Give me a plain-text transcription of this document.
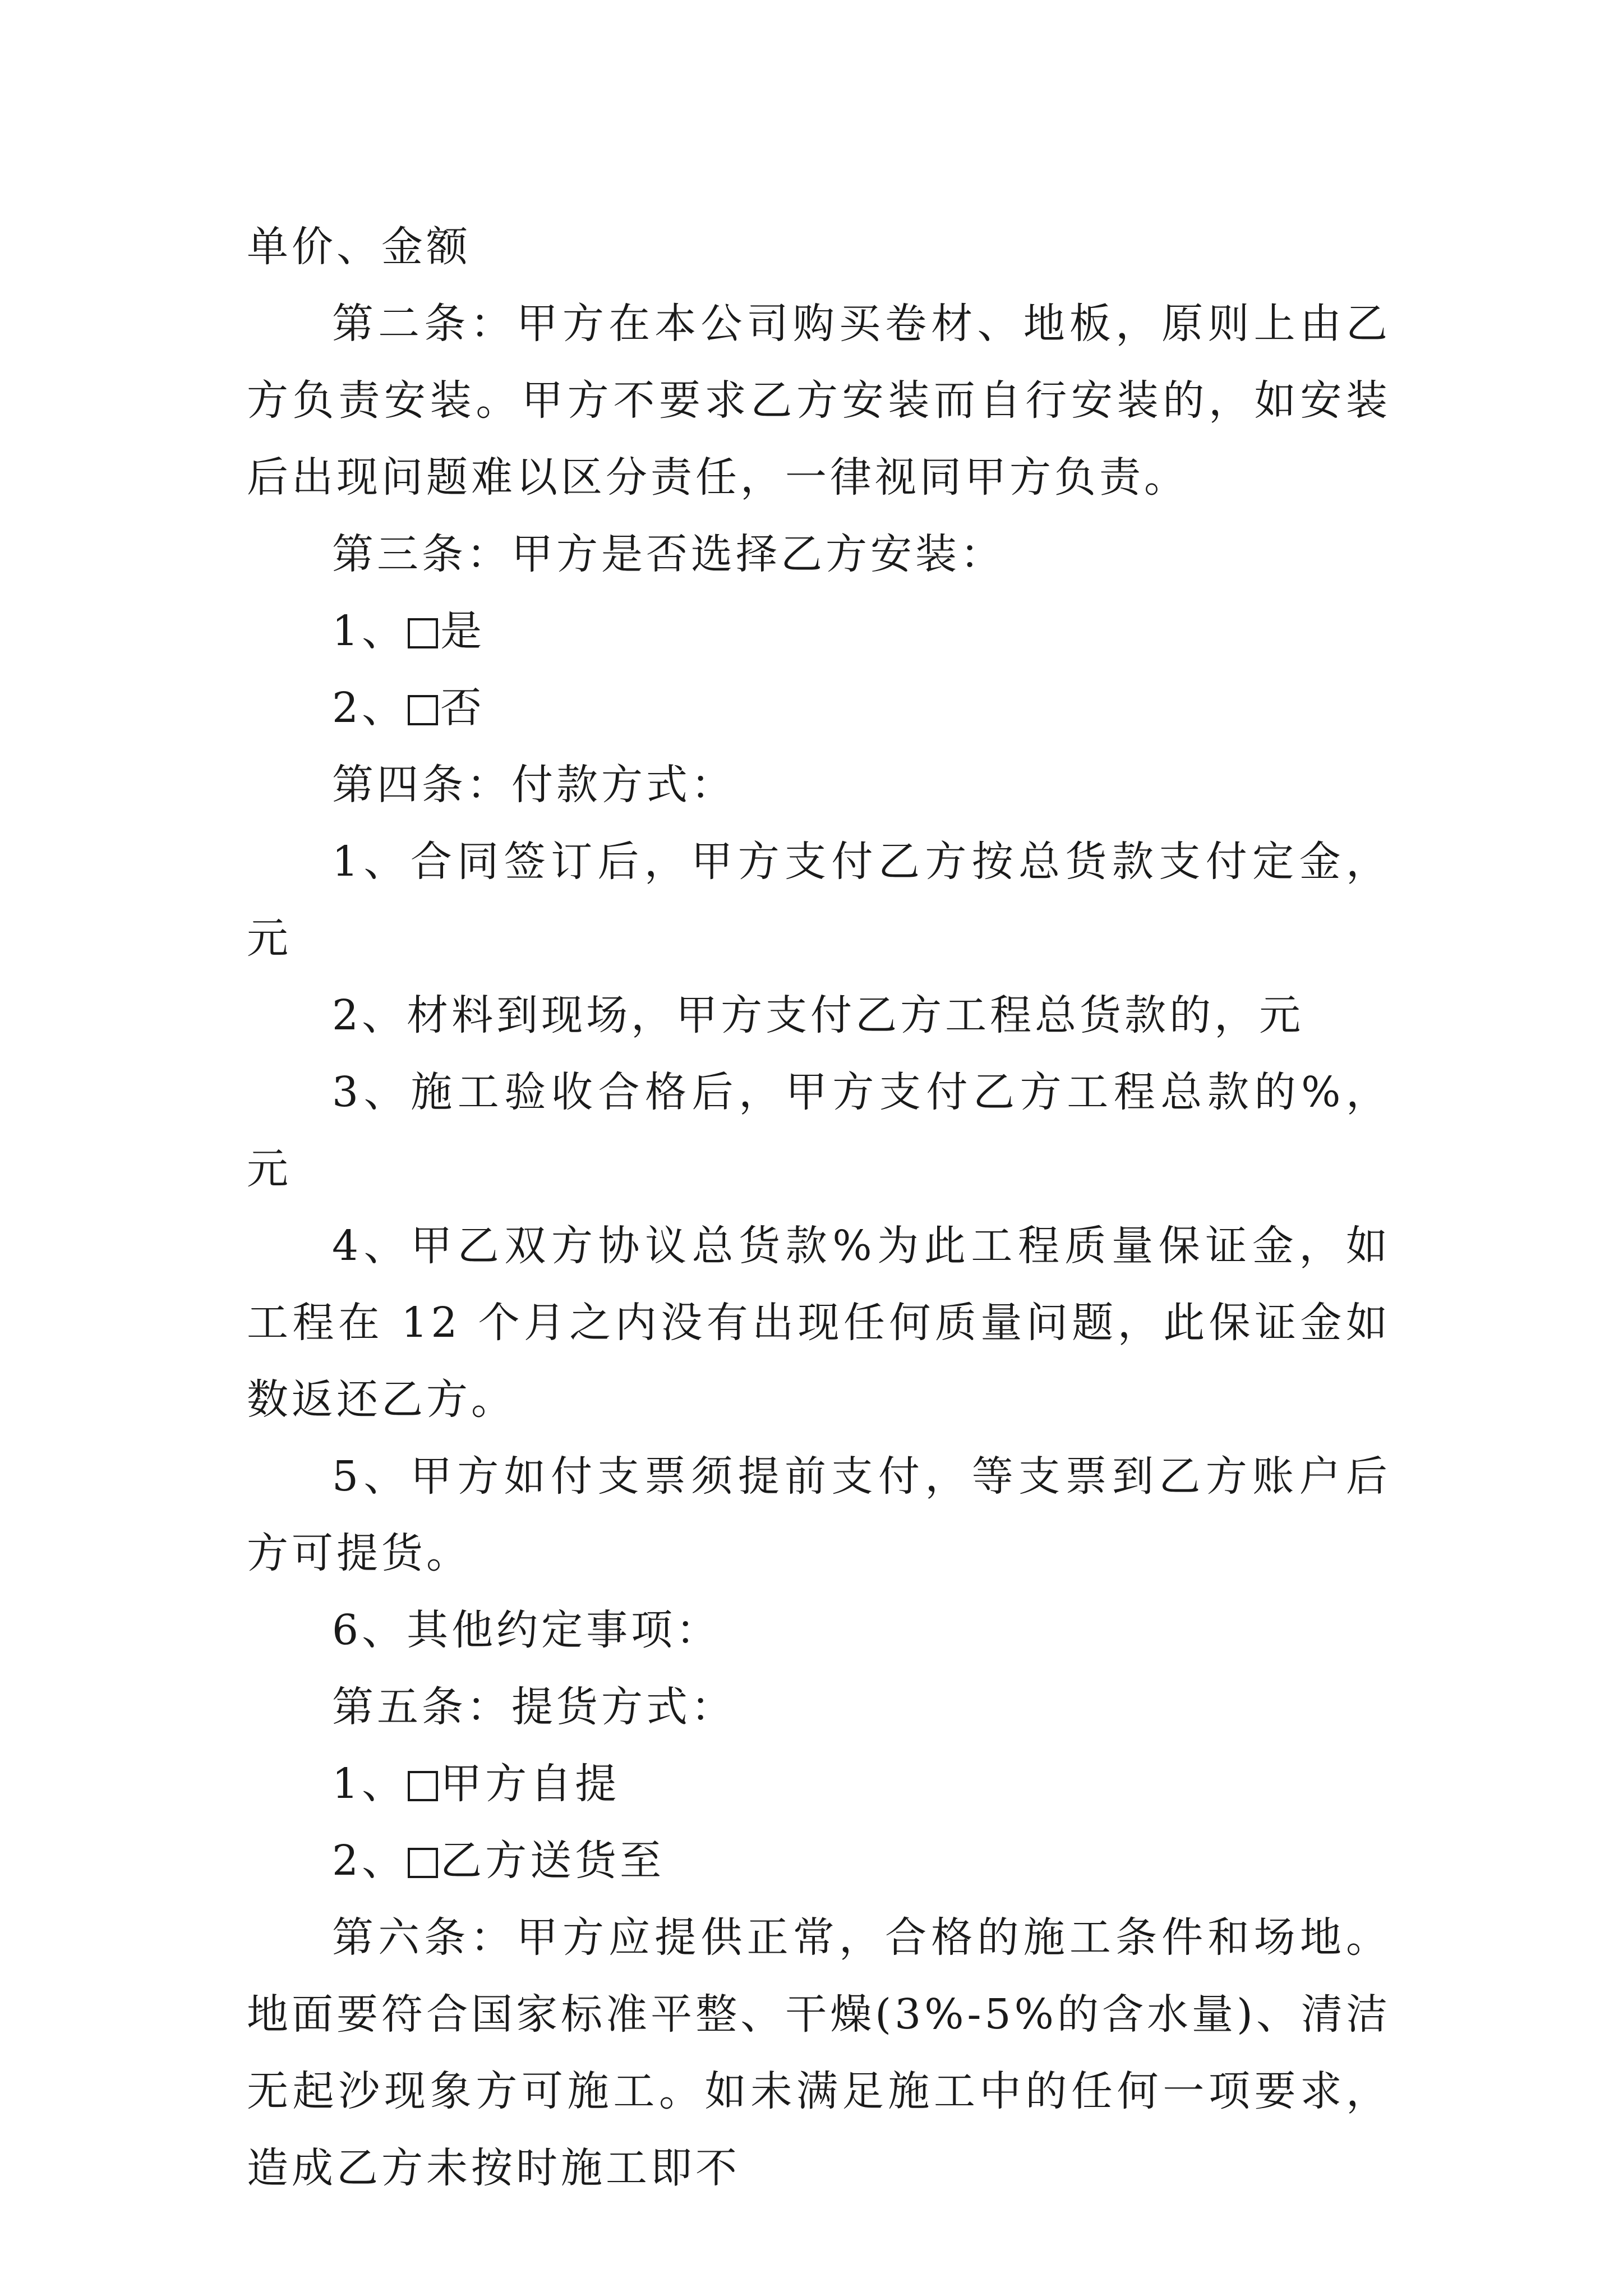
单价、金额

第二条：甲方在本公司购买卷材、地板，原则上由乙方负责安装。甲方不要求乙方安装而自行安装的，如安装后出现问题难以区分责任，一律视同甲方负责。

第三条：甲方是否选择乙方安装：

1、 是

2、 否

第四条：付款方式：

1、合同签订后，甲方支付乙方按总货款支付定金，元

2、材料到现场，甲方支付乙方工程总货款的，元

3、施工验收合格后，甲方支付乙方工程总款的%，元

4、甲乙双方协议总货款%为此工程质量保证金，如工程在 12 个月之内没有出现任何质量问题，此保证金如数返还乙方。

5、甲方如付支票须提前支付，等支票到乙方账户后方可提货。

6、其他约定事项：

第五条：提货方式：

1、 甲方自提

2、 乙方送货至

第六条：甲方应提供正常，合格的施工条件和场地。地面要符合国家标准平整、干燥(3%-5%的含水量)、清洁无起沙现象方可施工。如未满足施工中的任何一项要求，造成乙方未按时施工即不
